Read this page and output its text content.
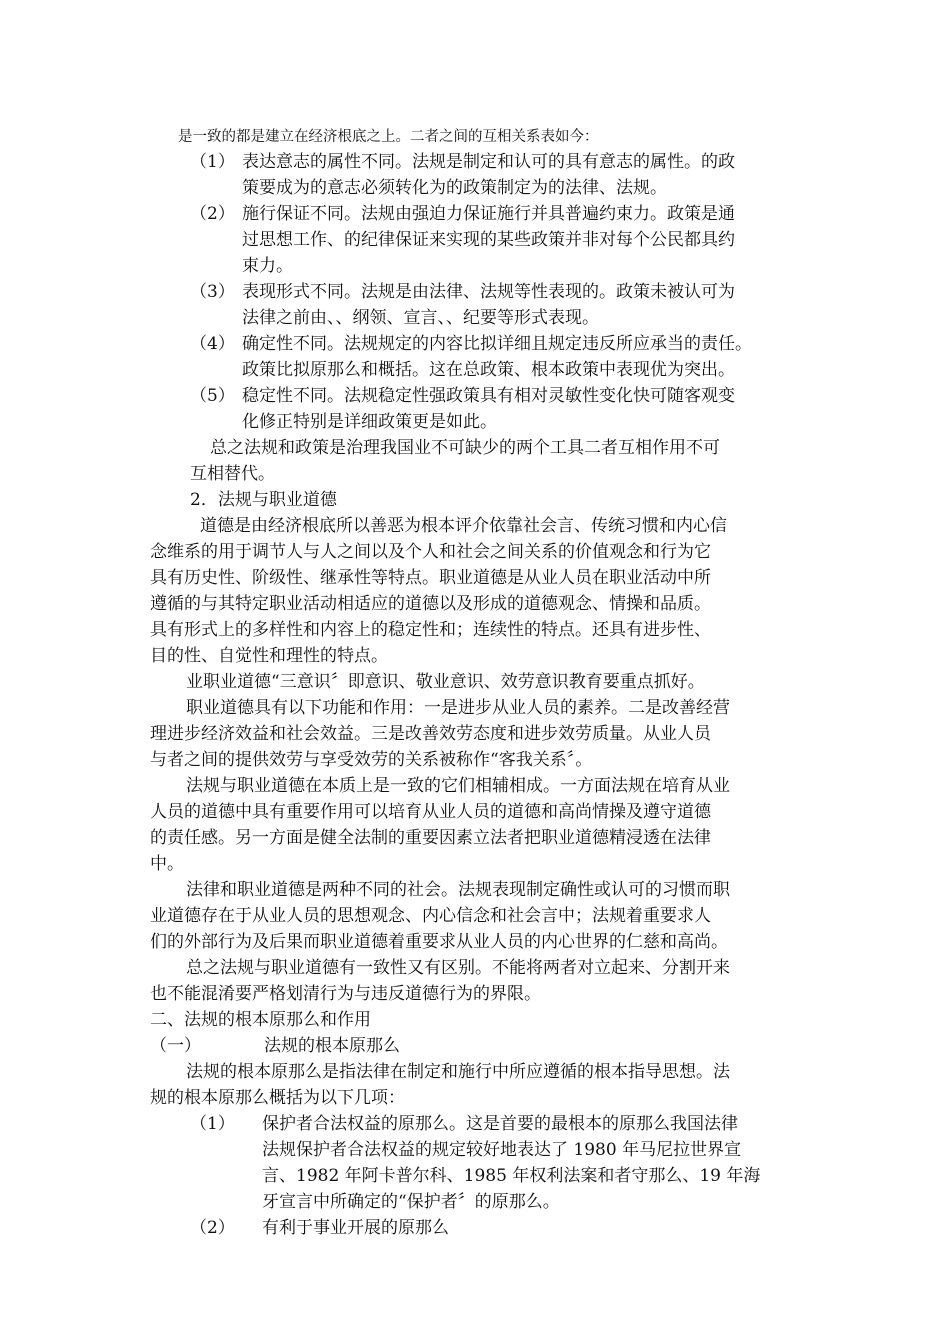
是一致的都是建立在经济根底之上。二者之间的互相关系表如今：
（1） 表达意志的属性不同。法规是制定和认可的具有意志的属性。的政
策要成为的意志必须转化为的政策制定为的法律、法规。
（2） 施行保证不同。法规由强迫力保证施行并具普遍约束力。政策是通
过思想工作、的纪律保证来实现的某些政策并非对每个公民都具约
束力。
（3） 表现形式不同。法规是由法律、法规等性表现的。政策未被认可为
法律之前由、、纲领、宣言、、纪要等形式表现。
（4） 确定性不同。法规规定的内容比拟详细且规定违反所应承当的责任。
政策比拟原那么和概括。这在总政策、根本政策中表现优为突出。
（5） 稳定性不同。法规稳定性强政策具有相对灵敏性变化快可随客观变
化修正特别是详细政策更是如此。
总之法规和政策是治理我国业不可缺少的两个工具二者互相作用不可
互相替代。
2．法规与职业道德
道德是由经济根底所以善恶为根本评介依靠社会言、传统习惯和内心信
念维系的用于调节人与人之间以及个人和社会之间关系的价值观念和行为它
具有历史性、阶级性、继承性等特点。职业道德是从业人员在职业活动中所
遵循的与其特定职业活动相适应的道德以及形成的道德观念、情操和品质。
具有形式上的多样性和内容上的稳定性和；连续性的特点。还具有进步性、
目的性、自觉性和理性的特点。
业职业道德“三意识〞即意识、敬业意识、效劳意识教育要重点抓好。
职业道德具有以下功能和作用：一是进步从业人员的素养。二是改善经营
理进步经济效益和社会效益。三是改善效劳态度和进步效劳质量。从业人员
与者之间的提供效劳与享受效劳的关系被称作“客我关系〞。
法规与职业道德在本质上是一致的它们相辅相成。一方面法规在培育从业
人员的道德中具有重要作用可以培育从业人员的道德和高尚情操及遵守道德
的责任感。另一方面是健全法制的重要因素立法者把职业道德精浸透在法律
中。
法律和职业道德是两种不同的社会。法规表现制定确性或认可的习惯而职
业道德存在于从业人员的思想观念、内心信念和社会言中；法规着重要求人
们的外部行为及后果而职业道德着重要求从业人员的内心世界的仁慈和高尚。
总之法规与职业道德有一致性又有区别。不能将两者对立起来、分割开来
也不能混淆要严格划清行为与违反道德行为的界限。
二、法规的根本原那么和作用
（一）	法规的根本原那么
法规的根本原那么是指法律在制定和施行中所应遵循的根本指导思想。法
规的根本原那么概括为以下几项：
（1） 保护者合法权益的原那么。这是首要的最根本的原那么我国法律
法规保护者合法权益的规定较好地表达了 1980 年马尼拉世界宣
言、1982 年阿卡普尔科、1985 年权利法案和者守那么、19 年海
牙宣言中所确定的“保护者〞的原那么。
（2） 有利于事业开展的原那么
